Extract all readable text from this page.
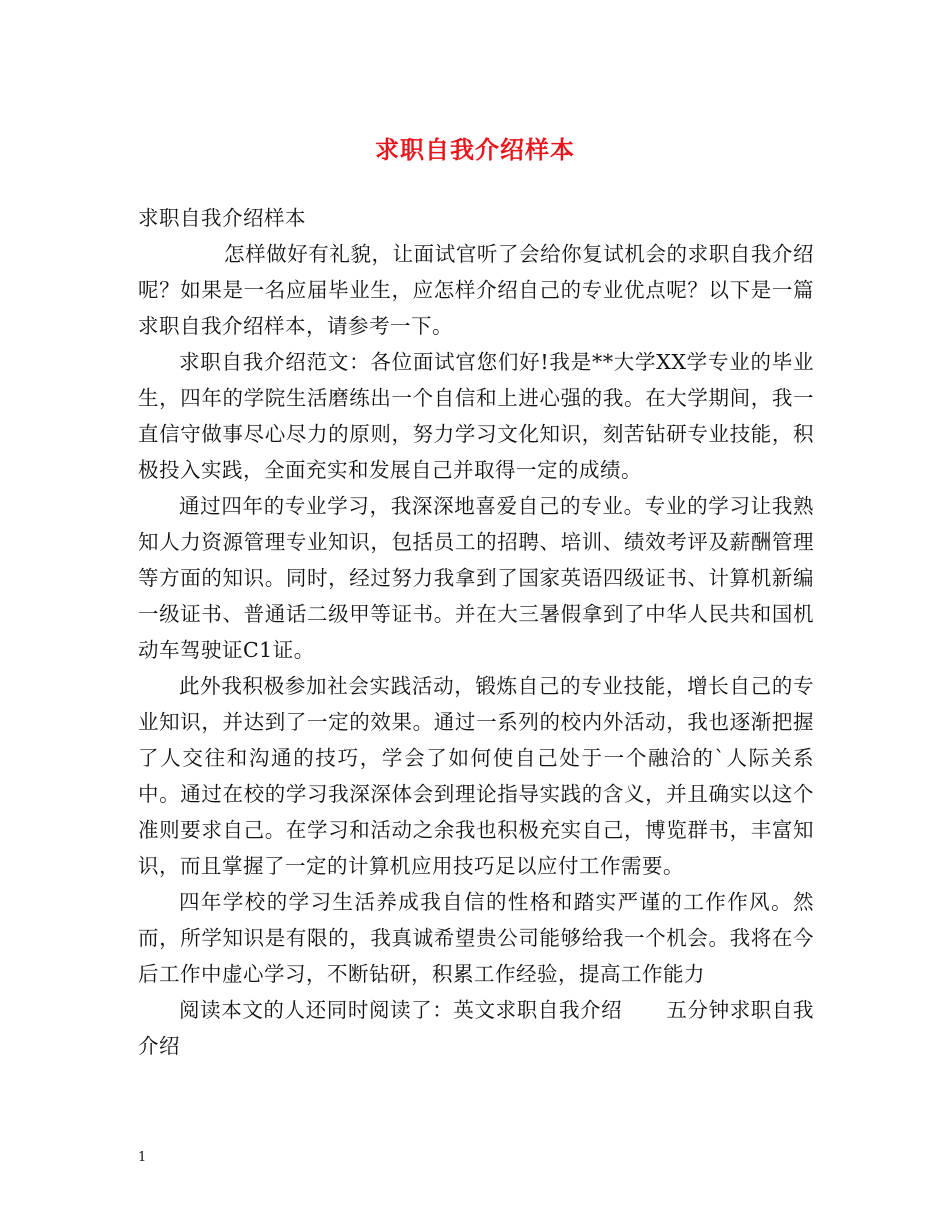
求职自我介绍样本

求职自我介绍样本

怎样做好有礼貌，让面试官听了会给你复试机会的求职自我介绍呢？如果是一名应届毕业生，应怎样介绍自己的专业优点呢？以下是一篇求职自我介绍样本，请参考一下。

求职自我介绍范文：各位面试官您们好!我是**大学XX学专业的毕业生，四年的学院生活磨练出一个自信和上进心强的我。在大学期间，我一直信守做事尽心尽力的原则，努力学习文化知识，刻苦钻研专业技能，积极投入实践，全面充实和发展自己并取得一定的成绩。

通过四年的专业学习，我深深地喜爱自己的专业。专业的学习让我熟知人力资源管理专业知识，包括员工的招聘、培训、绩效考评及薪酬管理等方面的知识。同时，经过努力我拿到了国家英语四级证书、计算机新编一级证书、普通话二级甲等证书。并在大三暑假拿到了中华人民共和国机动车驾驶证C1证。

此外我积极参加社会实践活动，锻炼自己的专业技能，增长自己的专业知识，并达到了一定的效果。通过一系列的校内外活动，我也逐渐把握了人交往和沟通的技巧，学会了如何使自己处于一个融洽的`人际关系中。通过在校的学习我深深体会到理论指导实践的含义，并且确实以这个准则要求自己。在学习和活动之余我也积极充实自己，博览群书，丰富知识，而且掌握了一定的计算机应用技巧足以应付工作需要。

四年学校的学习生活养成我自信的性格和踏实严谨的工作作风。然而，所学知识是有限的，我真诚希望贵公司能够给我一个机会。我将在今后工作中虚心学习，不断钻研，积累工作经验，提高工作能力

阅读本文的人还同时阅读了：英文求职自我介绍 五分钟求职自我介绍

1
